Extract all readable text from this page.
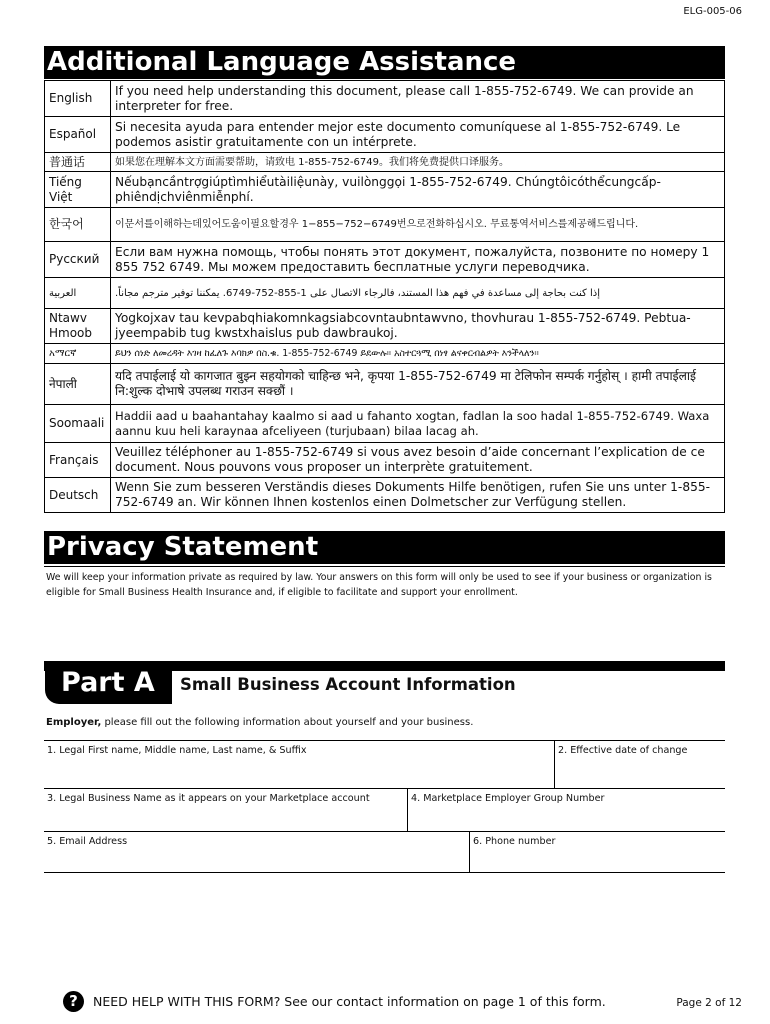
ELG-005-06
Additional Language Assistance
English	If you need help understanding this document, please call 1-855-752-6749. We can provide an interpreter for free.
Español	Si necesita ayuda para entender mejor este documento comuníquese al 1-855-752-6749. Le podemos asistir gratuitamente con un intérprete.
普通话	如果您在理解本文方面需要帮助，请致电 1-855-752-6749。我们将免费提供口译服务。
Tiếng Việt	Nếubạncầntrợgiúptìmhiểutàiliệunày, vuilònggọi 1-855-752-6749. Chúngtôicóthểcungcấp-phiêndịchviênmiễnphí.
한국어	이문서를이해하는데있어도움이필요할경우 1−855−752−6749번으로전화하십시오. 무료통역서비스를제공해드립니다.
Русский	Если вам нужна помощь, чтобы понять этот документ, пожалуйста, позвоните по номеру 1 855 752 6749. Мы можем предоставить бесплатные услуги переводчика.
العربية	إذا كنت بحاجة إلى مساعدة في فهم هذا المستند، فالرجاء الاتصال على 1-855-752-6749. يمكننا توفير مترجم مجاناً.
Ntawv Hmoob	Yogkojxav tau kevpabqhiakomnkagsiabcovntaubntawvno, thovhurau 1-855-752-6749. Pebtua-jyeempabib tug kwstxhaislus pub dawbraukoj.
አማርኛ	ይህን ሰነድ ለመረዳት እገዛ ከፈለጉ እባክዎ በስ.ቁ. 1-855-752-6749 ይደውሉ። አስተርጓሚ በነፃ ልናቀርብልዎት እንችላለን።
नेपाली	यदि तपाईलाई यो कागजात बुझ्न सहयोगको चाहिन्छ भने, कृपया 1-855-752-6749 मा टेलिफोन सम्पर्क गर्नुहोस् । हामी तपाईलाई नि:शुल्क दोभाषे उपलब्ध गराउन सक्छौं ।
Soomaali	Haddii aad u baahantahay kaalmo si aad u fahanto xogtan, fadlan la soo hadal 1-855-752-6749. Waxa aannu kuu heli karaynaa afceliyeen (turjubaan) bilaa lacag ah.
Français	Veuillez téléphoner au 1-855-752-6749 si vous avez besoin d’aide concernant l’explication de ce document. Nous pouvons vous proposer un interprète gratuitement.
Deutsch	Wenn Sie zum besseren Verständis dieses Dokuments Hilfe benötigen, rufen Sie uns unter 1-855-752-6749 an. Wir können Ihnen kostenlos einen Dolmetscher zur Verfügung stellen.
Privacy Statement
We will keep your information private as required by law. Your answers on this form will only be used to see if your business or organization is eligible for Small Business Health Insurance and, if eligible to facilitate and support your enrollment.
Part A	Small Business Account Information
Employer, please fill out the following information about yourself and your business.
1. Legal First name, Middle name, Last name, & Suffix	2. Effective date of change
3. Legal Business Name as it appears on your Marketplace account	4. Marketplace Employer Group Number
5. Email Address	6. Phone number
?	NEED HELP WITH THIS FORM? See our contact information on page 1 of this form.	Page 2 of 12
